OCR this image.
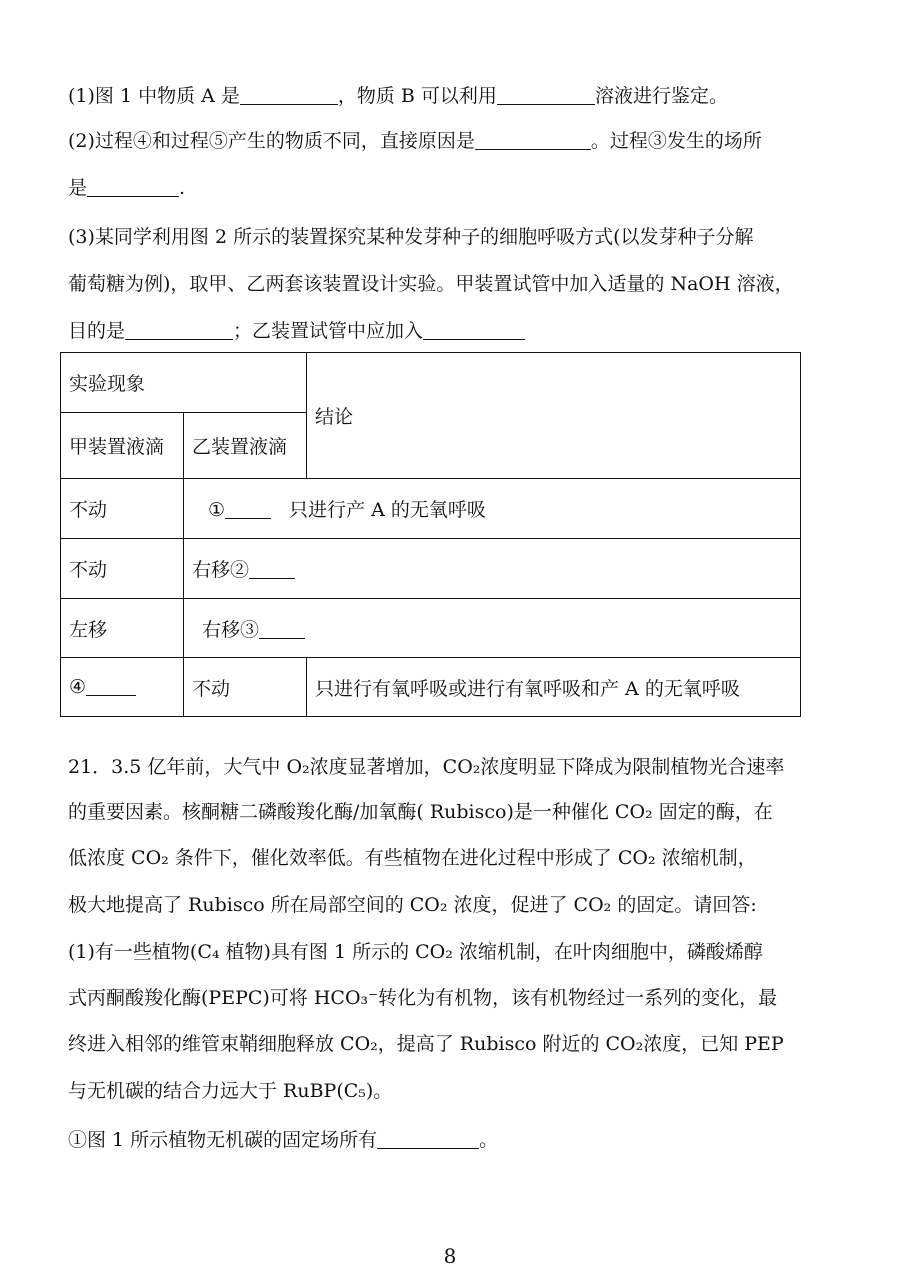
(1)图 1 中物质 A 是	，物质 B 可以利用	溶液进行鉴定。
(2)过程④和过程⑤产生的物质不同，直接原因是	。过程③发生的场所
是	.
(3)某同学利用图 2 所示的装置探究某种发芽种子的细胞呼吸方式(以发芽种子分解
葡萄糖为例)，取甲、乙两套该装置设计实验。甲装置试管中加入适量的 NaOH 溶液，
目的是	；乙装置试管中应加入
实验现象		结论
甲装置液滴	乙装置液滴	
不动	① 只进行产 A 的无氧呼吸	
不动	右移②	
左移	右移③	
④	不动	只进行有氧呼吸或进行有氧呼吸和产 A 的无氧呼吸
21．3.5 亿年前，大气中 O₂浓度显著增加，CO₂浓度明显下降成为限制植物光合速率
的重要因素。核酮糖二磷酸羧化酶/加氧酶( Rubisco)是一种催化 CO₂ 固定的酶，在
低浓度 CO₂ 条件下，催化效率低。有些植物在进化过程中形成了 CO₂ 浓缩机制，
极大地提高了 Rubisco 所在局部空间的 CO₂ 浓度，促进了 CO₂ 的固定。请回答:
(1)有一些植物(C₄ 植物)具有图 1 所示的 CO₂ 浓缩机制，在叶肉细胞中，磷酸烯醇
式丙酮酸羧化酶(PEPC)可将 HCO₃⁻转化为有机物，该有机物经过一系列的变化，最
终进入相邻的维管束鞘细胞释放 CO₂，提高了 Rubisco 附近的 CO₂浓度，已知 PEP
与无机碳的结合力远大于 RuBP(C₅)。
①图 1 所示植物无机碳的固定场所有	。
8
